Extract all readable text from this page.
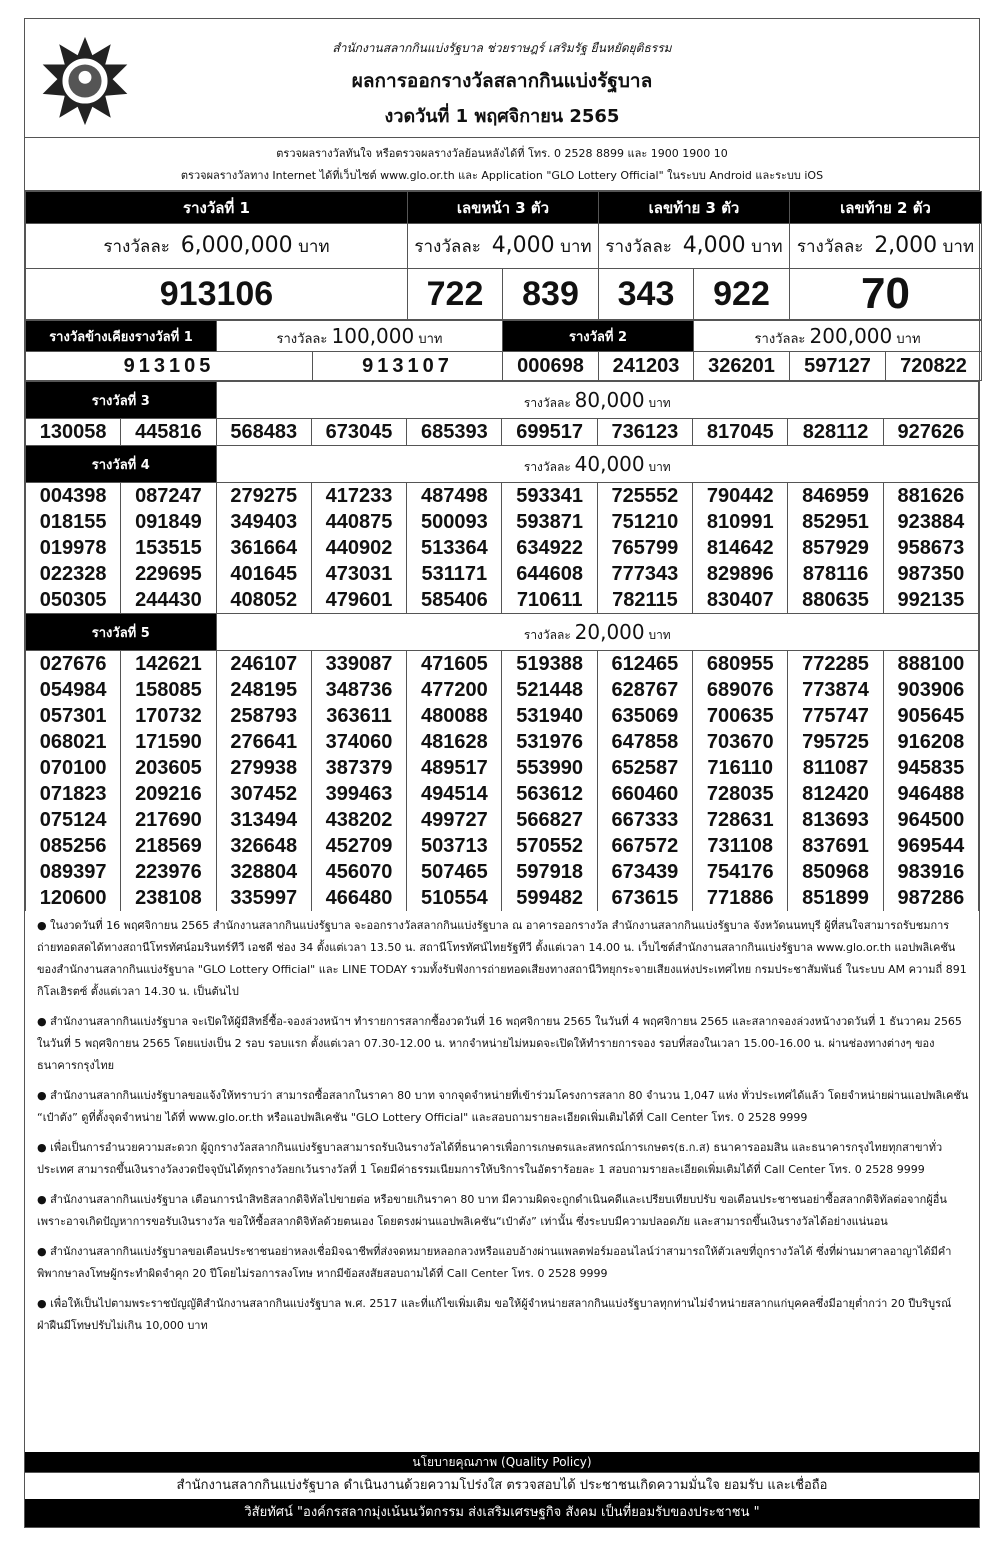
สำนักงานสลากกินแบ่งรัฐบาล ช่วยราษฎร์ เสริมรัฐ ยืนหยัดยุติธรรม
ผลการออกรางวัลสลากกินแบ่งรัฐบาล
งวดวันที่ 1 พฤศจิกายน 2565
ตรวจผลรางวัลทันใจ หรือตรวจผลรางวัลย้อนหลังได้ที่ โทร. 0 2528 8899 และ 1900 1900 10
ตรวจผลรางวัลทาง Internet ได้ที่เว็บไซต์ www.glo.or.th และ Application "GLO Lottery Official" ในระบบ Android และระบบ iOS
รางวัลที่ 1	เลขหน้า 3 ตัว		เลขท้าย 3 ตัว		เลขท้าย 2 ตัว
รางวัลละ 6,000,000 บาท	รางวัลละ 4,000 บาท		รางวัลละ 4,000 บาท		รางวัลละ 2,000 บาท
913106	722	839	343	922	70
รางวัลข้างเคียงรางวัลที่ 1	รางวัลละ 100,000 บาท		รางวัลที่ 2		รางวัลละ 200,000 บาท		
913105		913107	000698	241203	326201	597127	720822
รางวัลที่ 3		รางวัลละ 80,000 บาท							
130058	445816	568483	673045	685393	699517	736123	817045	828112	927626
รางวัลที่ 4		รางวัลละ 40,000 บาท							
004398	087247	279275	417233	487498	593341	725552	790442	846959	881626
018155	091849	349403	440875	500093	593871	751210	810991	852951	923884
019978	153515	361664	440902	513364	634922	765799	814642	857929	958673
022328	229695	401645	473031	531171	644608	777343	829896	878116	987350
050305	244430	408052	479601	585406	710611	782115	830407	880635	992135
รางวัลที่ 5		รางวัลละ 20,000 บาท							
027676	142621	246107	339087	471605	519388	612465	680955	772285	888100
054984	158085	248195	348736	477200	521448	628767	689076	773874	903906
057301	170732	258793	363611	480088	531940	635069	700635	775747	905645
068021	171590	276641	374060	481628	531976	647858	703670	795725	916208
070100	203605	279938	387379	489517	553990	652587	716110	811087	945835
071823	209216	307452	399463	494514	563612	660460	728035	812420	946488
075124	217690	313494	438202	499727	566827	667333	728631	813693	964500
085256	218569	326648	452709	503713	570552	667572	731108	837691	969544
089397	223976	328804	456070	507465	597918	673439	754176	850968	983916
120600	238108	335997	466480	510554	599482	673615	771886	851899	987286

● ในงวดวันที่ 16 พฤศจิกายน 2565 สำนักงานสลากกินแบ่งรัฐบาล จะออกรางวัลสลากกินแบ่งรัฐบาล ณ อาคารออกรางวัล สำนักงานสลากกินแบ่งรัฐบาล จังหวัดนนทบุรี ผู้ที่สนใจสามารถรับชมการถ่ายทอดสดได้ทางสถานีโทรทัศน์อมรินทร์ทีวี เอชดี ช่อง 34 ตั้งแต่เวลา 13.50 น. สถานีโทรทัศน์ไทยรัฐทีวี ตั้งแต่เวลา 14.00 น. เว็บไซต์สำนักงานสลากกินแบ่งรัฐบาล www.glo.or.th แอปพลิเคชันของสำนักงานสลากกินแบ่งรัฐบาล "GLO Lottery Official" และ LINE TODAY รวมทั้งรับฟังการถ่ายทอดเสียงทางสถานีวิทยุกระจายเสียงแห่งประเทศไทย กรมประชาสัมพันธ์ ในระบบ AM ความถี่ 891 กิโลเฮิรตซ์ ตั้งแต่เวลา 14.30 น. เป็นต้นไป

● สำนักงานสลากกินแบ่งรัฐบาล จะเปิดให้ผู้มีสิทธิ์ซื้อ-จองล่วงหน้าฯ ทำรายการสลากซื้องวดวันที่ 16 พฤศจิกายน 2565 ในวันที่ 4 พฤศจิกายน 2565 และสลากจองล่วงหน้างวดวันที่ 1 ธันวาคม 2565 ในวันที่ 5 พฤศจิกายน 2565 โดยแบ่งเป็น 2 รอบ รอบแรก ตั้งแต่เวลา 07.30-12.00 น. หากจำหน่ายไม่หมดจะเปิดให้ทำรายการจอง รอบที่สองในเวลา 15.00-16.00 น. ผ่านช่องทางต่างๆ ของธนาคารกรุงไทย

● สำนักงานสลากกินแบ่งรัฐบาลขอแจ้งให้ทราบว่า สามารถซื้อสลากในราคา 80 บาท จากจุดจำหน่ายที่เข้าร่วมโครงการสลาก 80 จำนวน 1,047 แห่ง ทั่วประเทศได้แล้ว โดยจำหน่ายผ่านแอปพลิเคชัน “เป๋าตัง” ดูที่ตั้งจุดจำหน่าย ได้ที่ www.glo.or.th หรือแอปพลิเคชัน "GLO Lottery Official" และสอบถามรายละเอียดเพิ่มเติมได้ที่ Call Center โทร. 0 2528 9999

● เพื่อเป็นการอำนวยความสะดวก ผู้ถูกรางวัลสลากกินแบ่งรัฐบาลสามารถรับเงินรางวัลได้ที่ธนาคารเพื่อการเกษตรและสหกรณ์การเกษตร(ธ.ก.ส) ธนาคารออมสิน และธนาคารกรุงไทยทุกสาขาทั่วประเทศ สามารถขึ้นเงินรางวัลงวดปัจจุบันได้ทุกรางวัลยกเว้นรางวัลที่ 1 โดยมีค่าธรรมเนียมการให้บริการในอัตราร้อยละ 1 สอบถามรายละเอียดเพิ่มเติมได้ที่ Call Center โทร. 0 2528 9999

● สำนักงานสลากกินแบ่งรัฐบาล เตือนการนำสิทธิสลากดิจิทัลไปขายต่อ หรือขายเกินราคา 80 บาท มีความผิดจะถูกดำเนินคดีและเปรียบเทียบปรับ ขอเตือนประชาชนอย่าซื้อสลากดิจิทัลต่อจากผู้อื่นเพราะอาจเกิดปัญหาการขอรับเงินรางวัล ขอให้ซื้อสลากดิจิทัลด้วยตนเอง โดยตรงผ่านแอปพลิเคชัน“เป๋าตัง” เท่านั้น ซึ่งระบบมีความปลอดภัย และสามารถขึ้นเงินรางวัลได้อย่างแน่นอน

● สำนักงานสลากกินแบ่งรัฐบาลขอเตือนประชาชนอย่าหลงเชื่อมิจฉาชีพที่ส่งจดหมายหลอกลวงหรือแอบอ้างผ่านแพลตฟอร์มออนไลน์ว่าสามารถให้ตัวเลขที่ถูกรางวัลได้ ซึ่งที่ผ่านมาศาลอาญาได้มีคำพิพากษาลงโทษผู้กระทำผิดจำคุก 20 ปีโดยไม่รอการลงโทษ หากมีข้อสงสัยสอบถามได้ที่ Call Center โทร. 0 2528 9999

● เพื่อให้เป็นไปตามพระราชบัญญัติสำนักงานสลากกินแบ่งรัฐบาล พ.ศ. 2517 และที่แก้ไขเพิ่มเติม ขอให้ผู้จำหน่ายสลากกินแบ่งรัฐบาลทุกท่านไม่จำหน่ายสลากแก่บุคคลซึ่งมีอายุต่ำกว่า 20 ปีบริบูรณ์ ฝ่าฝืนมีโทษปรับไม่เกิน 10,000 บาท

นโยบายคุณภาพ (Quality Policy)
สำนักงานสลากกินแบ่งรัฐบาล ดำเนินงานด้วยความโปร่งใส ตรวจสอบได้ ประชาชนเกิดความมั่นใจ ยอมรับ และเชื่อถือ
วิสัยทัศน์ "องค์กรสลากมุ่งเน้นนวัตกรรม ส่งเสริมเศรษฐกิจ สังคม เป็นที่ยอมรับของประชาชน "
